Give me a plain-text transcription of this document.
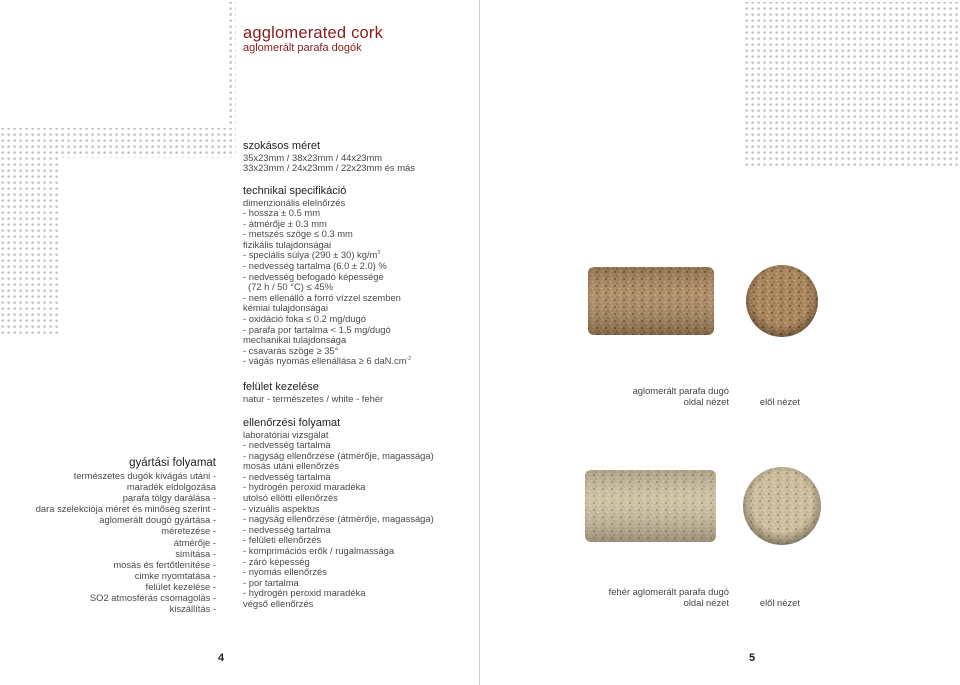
agglomerated cork
aglomerált parafa dogók
szokásos méret
35x23mm / 38x23mm / 44x23mm
33x23mm / 24x23mm / 22x23mm és más
technikai specifikáció
dimenzionális elelnőrzés
- hossza ± 0.5 mm
- átmérője ± 0.3 mm
- metszés szöge ≤ 0.3 mm
fizikális tulajdonságai
- speciális súlya (290 ± 30) $kg/m^3$
- nedvesség tartalma (6.0 ± 2.0) %
- nedvesség befogadó képessége
(72 h / 50 °C) ≤ 45%
- nem ellenálló a forró vízzel szemben
kémiai tulajdonságai
- oxidáció foka ≤ 0.2 mg/dugó
- parafa por tartalma < 1.5 mg/dugó
mechanikai tulajdonsága
- csavarás szöge ≥ 35°
- vágás nyomás ellenállása ≥ 6 $daN.cm^{-2}$
felület kezelése
natur - természetes / white - fehér
ellenőrzési folyamat
laboratóriai vizsgálat
- nedvesség tartalma
- nagyság ellenőrzése (átmérője, magassága)
mosás utáni ellenőrzés
- nedvesség tartalma
- hydrogén peroxid maradéka
utolsó ellötti ellenőrzés
- vizuális aspektus
- nagyság ellenőrzése (átmérője, magassága)
- nedvesség tartalma
- felületi ellenőrzés
- komprimációs erők / rugalmassága
- záró képesség
- nyomás ellenőrzés
- por tartalma
- hydrogén peroxid maradéka
végső ellenőrzés
gyártási folyamat
természetes dugók kivágás utáni -
maradék eldolgozása
parafa tölgy darálása -
dara szelekciója méret és minőség szerint -
aglomerált dougó gyártása -
méretezése -
átmérője -
simítása -
mosás és fertőtlenítése -
cimke nyomtatása -
felület kezelése -
SO2 atmosférás csomagolás -
kiszállítás -
aglomerált parafa dugó
oldal nézet	elől nézet
fehér aglomerált parafa dugó
oldal nézet	elől nézet
4	5
